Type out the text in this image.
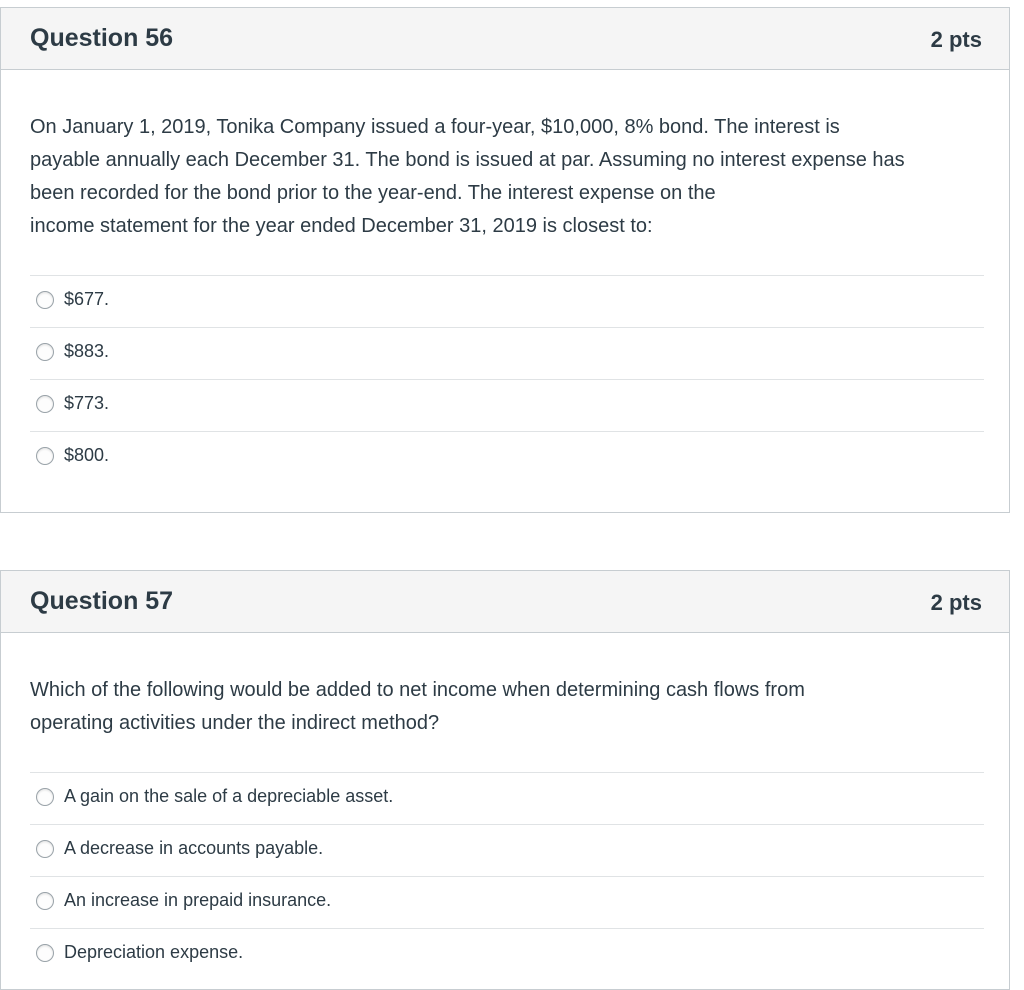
Question 56	2 pts
On January 1, 2019, Tonika Company issued a four-year, $10,000, 8% bond. The interest is
payable annually each December 31. The bond is issued at par. Assuming no interest expense has
been recorded for the bond prior to the year-end. The interest expense on the
income statement for the year ended December 31, 2019 is closest to:
$677.
$883.
$773.
$800.
Question 57	2 pts
Which of the following would be added to net income when determining cash flows from
operating activities under the indirect method?
A gain on the sale of a depreciable asset.
A decrease in accounts payable.
An increase in prepaid insurance.
Depreciation expense.
